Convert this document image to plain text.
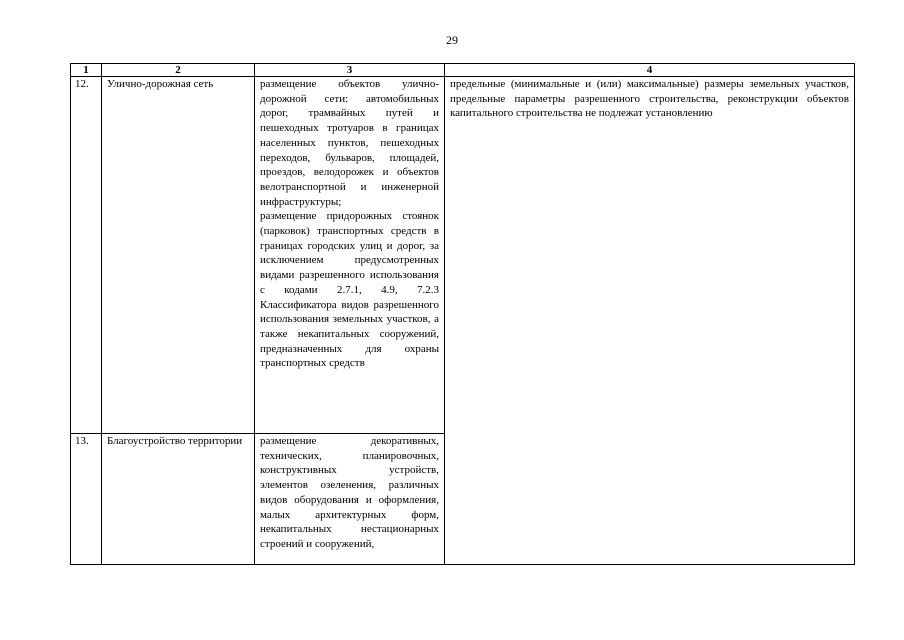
29
1	2	3	4
12.	Улично-дорожная сеть	размещение объектов улично-дорожной сети: автомобильных дорог, трамвайных путей и пешеходных тротуаров в границах населенных пунктов, пешеходных переходов, бульваров, площадей, проездов, велодорожек и объектов велотранспортной и инженерной инфраструктуры;
размещение придорожных стоянок (парковок) транспортных средств в границах городских улиц и дорог, за исключением предусмотренных видами разрешенного использования с кодами 2.7.1, 4.9, 7.2.3 Классификатора видов разрешенного использования земельных участков, а также некапитальных сооружений, предназначенных для охраны транспортных средств	предельные (минимальные и (или) максимальные) размеры земельных участков, предельные параметры разрешенного строительства, реконструкции объектов капитального строительства не подлежат установлению
13.	Благоустройство территории	размещение декоративных, технических, планировочных, конструктивных устройств, элементов озеленения, различных видов оборудования и оформления, малых архитектурных форм, некапитальных нестационарных строений и сооружений,	
